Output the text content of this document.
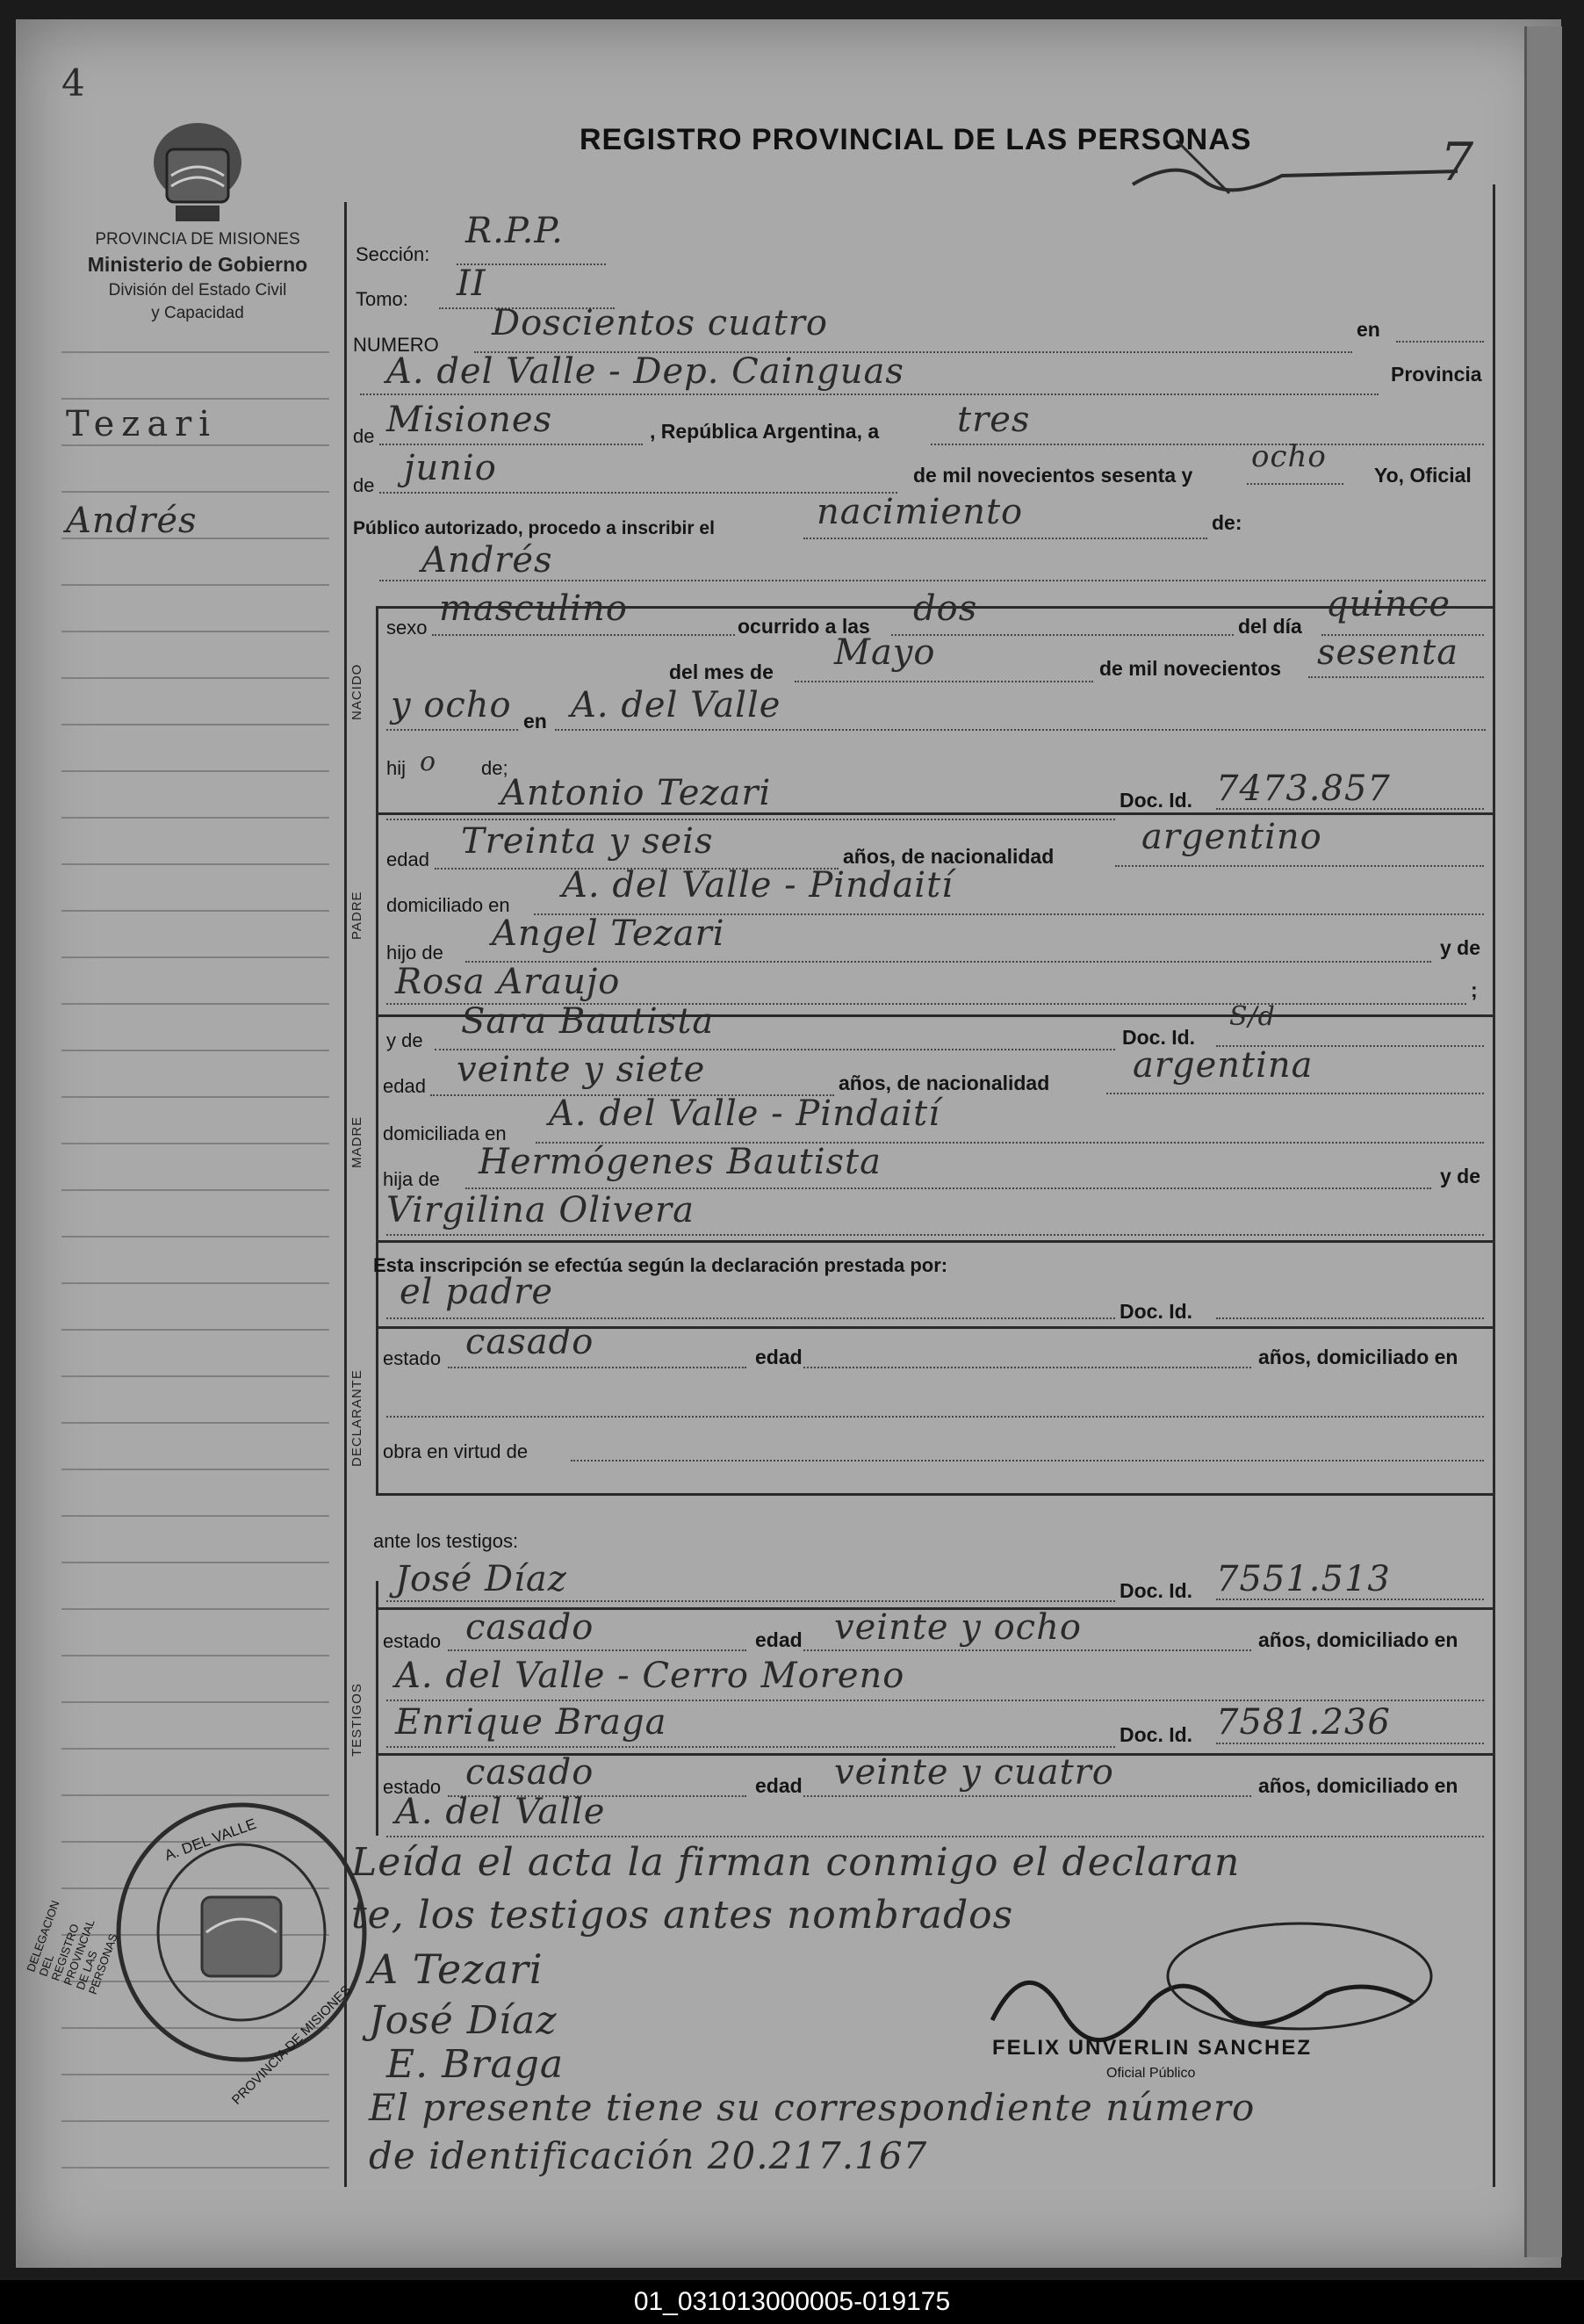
4
PROVINCIA DE MISIONES
Ministerio de Gobierno
División del Estado Civil
y Capacidad
REGISTRO PROVINCIAL DE LAS PERSONAS	7
Tezari
Andrés
Sección:
R.P.P.
Tomo: II
NUMERO
Doscientos cuatro	en
A. del Valle - Dep. Cainguas	Provincia
de Misiones	, República Argentina, a tres
de junio	de mil novecientos sesenta y
ocho
Yo, Oficial
Público autorizado, procedo a inscribir el	nacimiento	de:
Andrés
NACIDO
sexo masculino	ocurrido a las dos	del día
quince
del mes de Mayo	de mil novecientos sesenta
y ocho en A. del Valle
hij o de;
Antonio Tezari	Doc. Id. 7473.857
PADRE
edad Treinta y seis	años, de nacionalidad argentino
domiciliado en A. del Valle - Pindaití
hijo de Angel Tezari	y de
Rosa Araujo	;
MADRE
y de Sara Bautista	Doc. Id.
S/d
edad veinte y siete	años, de nacionalidad argentina
domiciliada en A. del Valle - Pindaití
hija de Hermógenes Bautista	y de
Virgilina Olivera
Esta inscripción se efectúa según la declaración prestada por:
el padre	Doc. Id.
DECLARANTE
estado casado	edad	años, domiciliado en
obra en virtud de
ante los testigos:
José Díaz	Doc. Id. 7551.513
TESTIGOS
estado casado	edad veinte y ocho	años, domiciliado en
A. del Valle - Cerro Moreno
Enrique Braga	Doc. Id. 7581.236
estado casado	edad veinte y cuatro	años, domiciliado en
A. del Valle
Leída el acta la firman conmigo el declaran
te, los testigos antes nombrados
A Tezari
José Díaz
E. Braga	FELIX UNVERLIN SANCHEZ
Oficial Público
El presente tiene su correspondiente número
de identificación 20.217.167
A. DEL VALLE
DELEGACION DEL REGISTRO PROVINCIAL DE LAS PERSONAS
PROVINCIA DE MISIONES
01_031013000005-019175
